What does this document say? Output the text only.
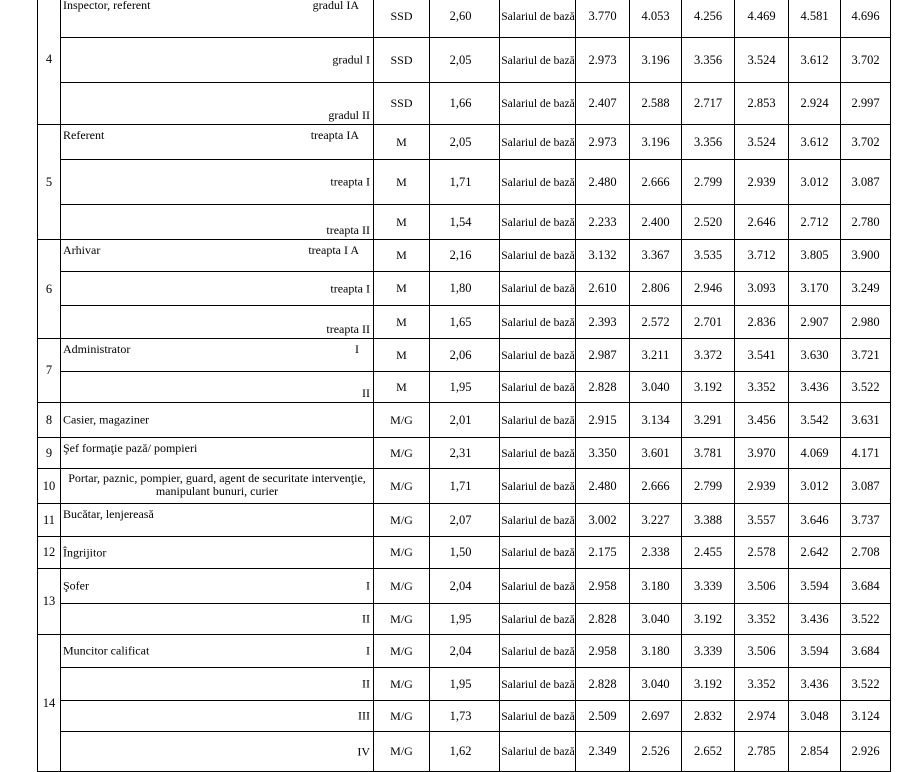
4	Inspector, referent gradul IA	SSD	2,60	Salariul de bază	3.770	4.053	4.256	4.469	4.581	4.696

	gradul I	SSD	2,05	Salariul de bază	2.973	3.196	3.356	3.524	3.612	3.702

	gradul II	SSD	1,66	Salariul de bază	2.407	2.588	2.717	2.853	2.924	2.997
5	Referent treapta IA	M	2,05	Salariul de bază	2.973	3.196	3.356	3.524	3.612	3.702

	treapta I	M	1,71	Salariul de bază	2.480	2.666	2.799	2.939	3.012	3.087

	treapta II	M	1,54	Salariul de bază	2.233	2.400	2.520	2.646	2.712	2.780
6	Arhivar treapta I A	M	2,16	Salariul de bază	3.132	3.367	3.535	3.712	3.805	3.900

	treapta I	M	1,80	Salariul de bază	2.610	2.806	2.946	3.093	3.170	3.249

	treapta II	M	1,65	Salariul de bază	2.393	2.572	2.701	2.836	2.907	2.980
7	Administrator I	M	2,06	Salariul de bază	2.987	3.211	3.372	3.541	3.630	3.721

	II	M	1,95	Salariul de bază	2.828	3.040	3.192	3.352	3.436	3.522
8	Casier, magaziner	M/G	2,01	Salariul de bază	2.915	3.134	3.291	3.456	3.542	3.631
9	Şef formaţie pază/ pompieri	M/G	2,31	Salariul de bază	3.350	3.601	3.781	3.970	4.069	4.171
10	Portar, paznic, pompier, guard, agent de securitate intervenţie, manipulant bunuri, curier	M/G	1,71	Salariul de bază	2.480	2.666	2.799	2.939	3.012	3.087
11	Bucătar, lenjereasă	M/G	2,07	Salariul de bază	3.002	3.227	3.388	3.557	3.646	3.737
12	Îngrijitor	M/G	1,50	Salariul de bază	2.175	2.338	2.455	2.578	2.642	2.708
13	Şofer I	M/G	2,04	Salariul de bază	2.958	3.180	3.339	3.506	3.594	3.684

	II	M/G	1,95	Salariul de bază	2.828	3.040	3.192	3.352	3.436	3.522
14	Muncitor calificat I	M/G	2,04	Salariul de bază	2.958	3.180	3.339	3.506	3.594	3.684

	II	M/G	1,95	Salariul de bază	2.828	3.040	3.192	3.352	3.436	3.522

	III	M/G	1,73	Salariul de bază	2.509	2.697	2.832	2.974	3.048	3.124

	IV	M/G	1,62	Salariul de bază	2.349	2.526	2.652	2.785	2.854	2.926
